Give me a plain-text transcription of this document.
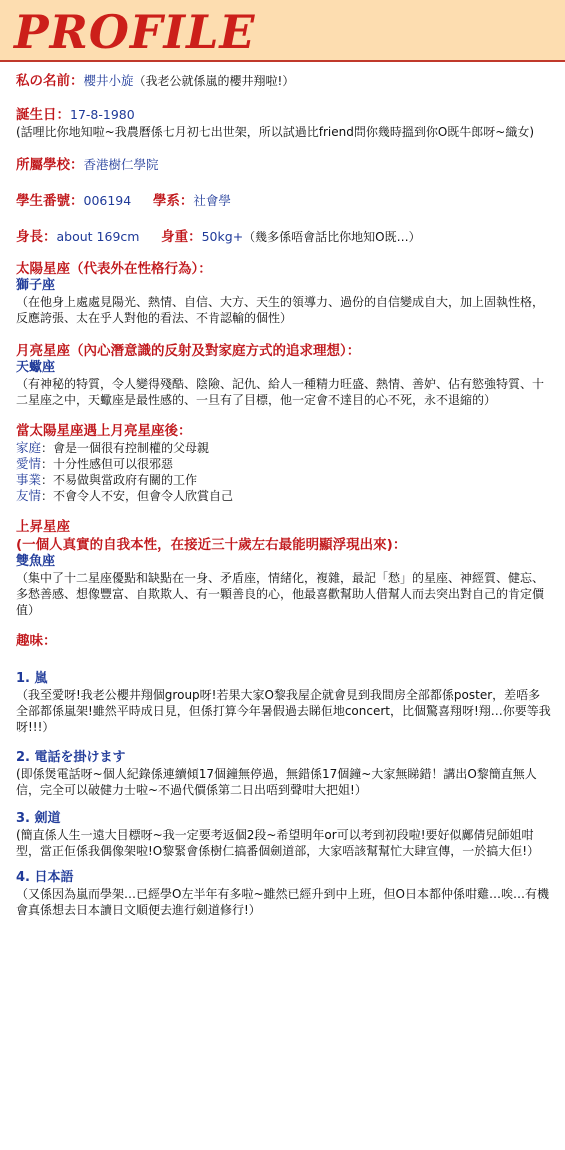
PROFILE
私の名前：櫻井小旋（我老公就係嵐的櫻井翔啦!）
誕生日：17-8-1980
(話哩比你地知啦~我農曆係七月初七出世架，所以試過比friend問你幾時搵到你O既牛郎呀~織女)
所屬學校：香港樹仁學院
學生番號：006194 學系：社會學
身長：about 169cm 身重：50kg+（幾多係唔會話比你地知O既…）
太陽星座（代表外在性格行為）：
獅子座
（在他身上處處見陽光、熱情、自信、大方、天生的領導力、過份的自信變成自大，加上固執性格，反應誇張、太在乎人對他的看法、不肯認輸的個性）
月亮星座（內心潛意識的反射及對家庭方式的追求理想）：
天蠍座
（有神秘的特質，令人變得殘酷、陰險、記仇、給人一種精力旺盛、熱情、善妒、佔有慾強特質、十二星座之中，天蠍座是最性感的、一旦有了目標，他一定會不達目的心不死，永不退縮的）
當太陽星座遇上月亮星座後：
家庭：會是一個很有控制權的父母親
愛情：十分性感但可以很邪惡
事業：不易做與當政府有關的工作
友情：不會令人不安，但會令人欣賞自己
上昇星座
(一個人真實的自我本性，在接近三十歲左右最能明顯浮現出來)：
雙魚座
（集中了十二星座優點和缺點在一身、矛盾座，情緒化，複雜，最記「愁」的星座、神經質、健忘、多愁善感、想像豐富、自欺欺人、有一顆善良的心，他最喜歡幫助人借幫人而去突出對自己的肯定價值）
趣味：
1. 嵐
（我至愛呀!我老公櫻井翔個group呀!若果大家O黎我屋企就會見到我間房全部都係poster，差唔多全部都係嵐架!雖然平時成日見，但係打算今年暑假過去睇佢地concert，比個驚喜翔呀!翔…你要等我呀!!!）
2. 電話を掛けます
(即係煲電話呀~個人紀錄係連續傾17個鐘無停過，無錯係17個鐘~大家無睇錯！講出O黎簡直無人信，完全可以破健力士啦~不過代價係第二日出唔到聲咁大把姐!）
3. 劍道
(簡直係人生一遠大目標呀~我一定要考返個2段~希望明年or可以考到初段啦!要好似鄺倩兒師姐咁型，當正佢係我偶像架啦!O黎緊會係樹仁搞番個劍道部，大家唔該幫幫忙大肆宣傳，一於搞大佢!）
4. 日本語
（又係因為嵐而學架…已經學O左半年有多啦~雖然已經升到中上班，但O日本都仲係咁雞…唉…有機會真係想去日本讀日文順便去進行劍道修行!）
